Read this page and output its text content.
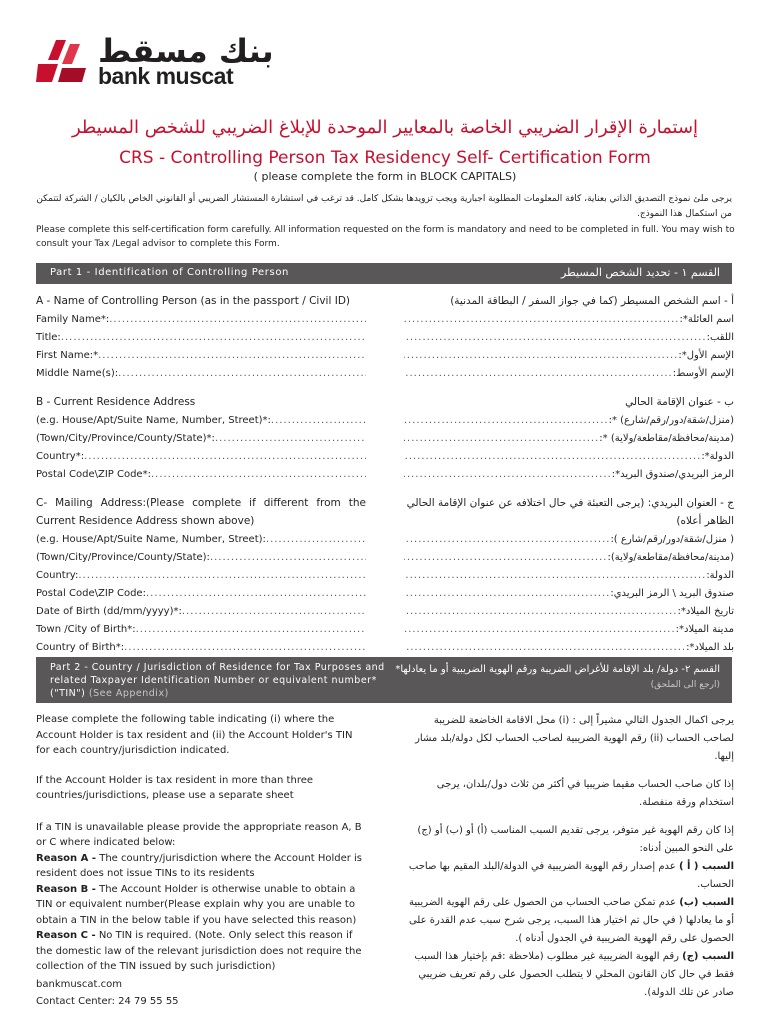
بنك مسقط
bank muscat
إستمارة الإقرار الضريبي الخاصة بالمعايير الموحدة للإبلاغ الضريبي للشخص المسيطر
CRS - Controlling Person Tax Residency Self- Certification Form
( please complete the form in BLOCK CAPITALS)
يرجى ملئ نموذج التصديق الذاتي بعناية، كافة المعلومات المطلوبة اجبارية ويجب تزويدها بشكل كامل. قد ترغب في استشارة المستشار الضريبي أو القانوني الخاص بالكيان / الشركة لتتمكن من استكمال هذا النموذج.
Please complete this self-certification form carefully. All information requested on the form is mandatory and need to be completed in full. You may wish to consult your Tax /Legal advisor to complete this Form.
Part 1 - Identification of Controlling Person	القسم ١ - تحديد الشخص المسيطر
A - Name of Controlling Person (as in the passport / Civil ID)
Family Name*:
.....
Title:
.....
First Name:*
.....
Middle Name(s):
.....
أ - اسم الشخص المسيطر (كما في جواز السفر / البطاقة المدنية)
اسم العائلة*:
.....
اللقب:
.....
الإسم الأول*:
.....
الإسم الأوسط:
.....
B - Current Residence Address
(e.g. House/Apt/Suite Name, Number, Street)*:
.....
(Town/City/Province/County/State)*:
.....
Country*:
.....
Postal Code\ZIP Code*:
.....
ب - عنوان الإقامة الحالي
(منزل/شقة/دور/رقم/شارع) *:
.....
(مدينة/محافظة/مقاطعة/ولاية) *:
.....
الدولة*:
.....
الرمز البريدي/صندوق البريد*:
.....
C- Mailing Address:(Please complete if different from the Current Residence Address shown above)
(e.g. House/Apt/Suite Name, Number, Street):
.....
(Town/City/Province/County/State):
.....
Country:
.....
Postal Code\ZIP Code:
.....
Date of Birth (dd/mm/yyyy)*:
.....
Town /City of Birth*:
.....
Country of Birth*:
.....
ج - العنوان البريدي: (يرجى التعبئة في حال اختلافه عن عنوان الإقامة الحالي الظاهر أعلاه)
( منزل/شقة/دور/رقم/شارع ):
.....
(مدينة/محافظة/مقاطعة/ولاية):
.....
الدولة:
.....
صندوق البريد \ الرمز البريدي:
.....
تاريخ الميلاد*:
.....
مدينة الميلاد*:
.....
بلد الميلاد*:
.....
Part 2 - Country / Jurisdiction of Residence for Tax Purposes and related Taxpayer Identification Number or equivalent number* ("TIN") (See Appendix)
القسم ٢- دولة/ بلد الإقامة للأغراض الضريبة ورقم الهوية الضريبية أو ما يعادلها* (ارجع الى الملحق)

Please complete the following table indicating (i) where the Account Holder is tax resident and (ii) the Account Holder's TIN for each country/jurisdiction indicated.

If the Account Holder is tax resident in more than three countries/jurisdictions, please use a separate sheet

If a TIN is unavailable please provide the appropriate reason A, B or C where indicated below:

Reason A - The country/jurisdiction where the Account Holder is resident does not issue TINs to its residents
Reason B - The Account Holder is otherwise unable to obtain a TIN or equivalent number(Please explain why you are unable to obtain a TIN in the below table if you have selected this reason)
Reason C - No TIN is required. (Note. Only select this reason if the domestic law of the relevant jurisdiction does not require the collection of the TIN issued by such jurisdiction)

يرجى اكمال الجدول التالي مشيراً إلى : (i) محل الاقامة الخاضعة للضريبة لصاحب الحساب (ii) رقم الهوية الضريبية لصاحب الحساب لكل دولة/بلد مشار إليها.

إذا كان صاحب الحساب مقيما ضريبيا في أكثر من ثلاث دول/بلدان، يرجى استخدام ورقة منفصلة.

إذا كان رقم الهوية غير متوفر، يرجى تقديم السبب المناسب (أ) أو (ب) أو (ج) على النحو المبين أدناه:

السبب ( أ ) عدم إصدار رقم الهوية الضريبية في الدولة/البلد المقيم بها صاحب الحساب.
السبب (ب) عدم تمكن صاحب الحساب من الحصول على رقم الهوية الضريبية أو ما يعادلها ( في حال تم اختيار هذا السبب، يرجى شرح سبب عدم القدرة على الحصول على رقم الهوية الضريبية في الجدول أدناه ).
السبب (ج) رقم الهوية الضريبية غير مطلوب (ملاحظة :قم بإختيار هذا السبب فقط في حال كان القانون المحلي لا يتطلب الحصول على رقم تعريف ضريبي صادر عن تلك الدولة).
bankmuscat.com
Contact Center: 24 79 55 55
